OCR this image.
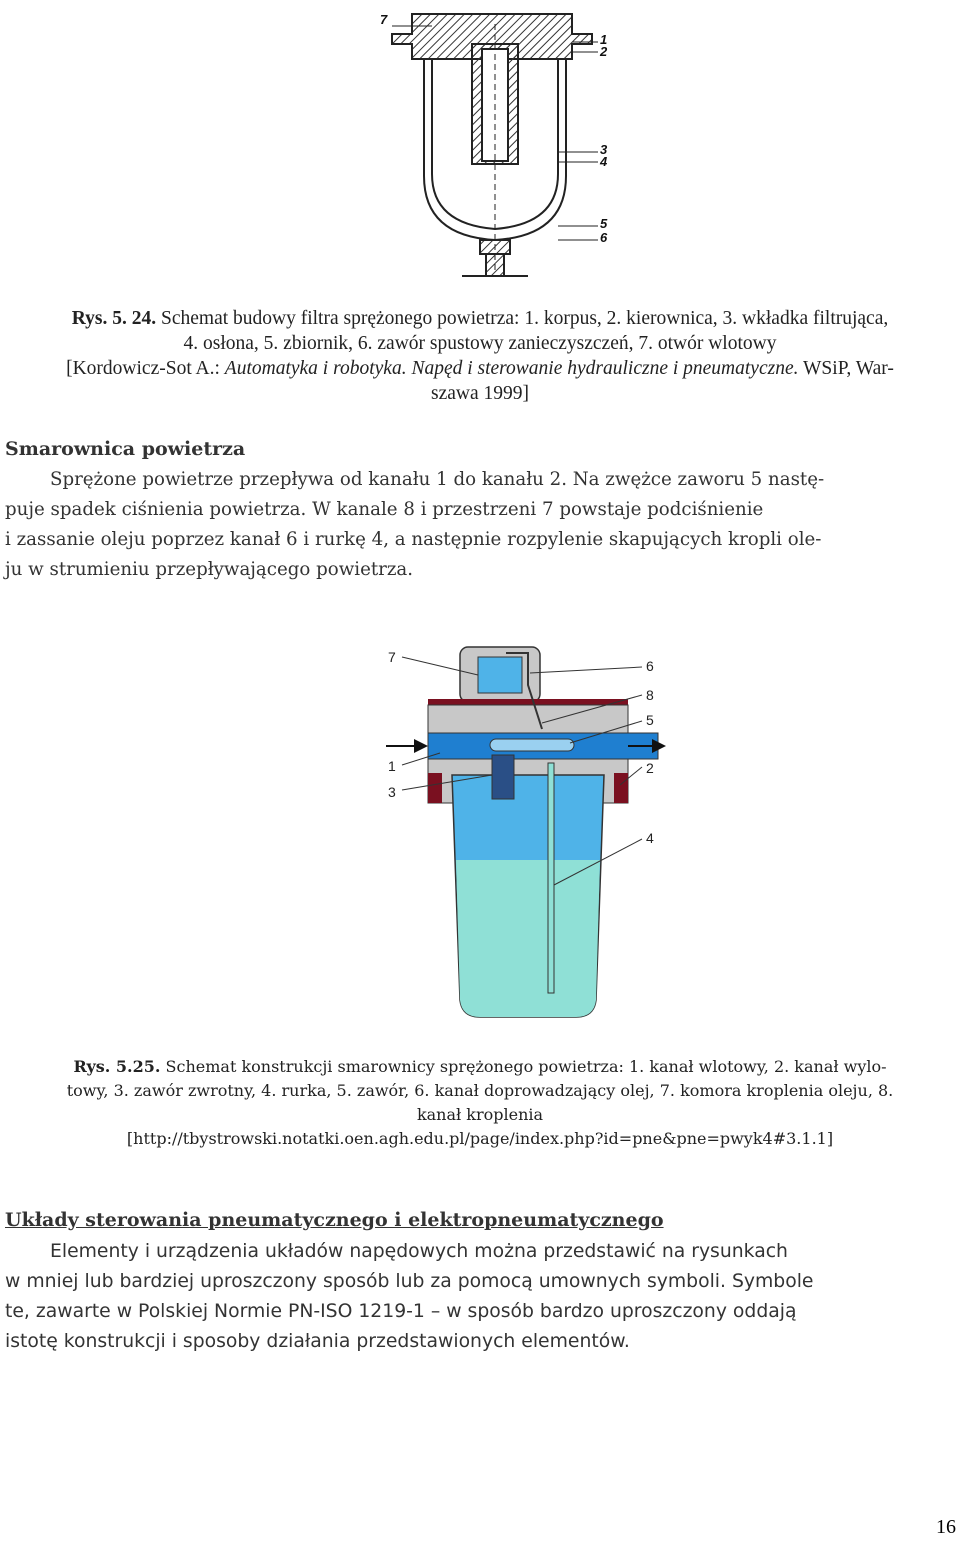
7
1
2
3
4
5
6

Rys. 5. 24. Schemat budowy filtra sprężonego powietrza: 1. korpus, 2. kierownica, 3. wkładka filtrująca,

4. osłona, 5. zbiornik, 6. zawór spustowy zanieczyszczeń, 7. otwór wlotowy

[Kordowicz-Sot A.: Automatyka i robotyka. Napęd i sterowanie hydrauliczne i pneumatyczne. WSiP, War-

szawa 1999]

Smarownica powietrza

Sprężone powietrze przepływa od kanału 1 do kanału 2. Na zwężce zaworu 5 nastę-

puje spadek ciśnienia powietrza. W kanale 8 i przestrzeni 7 powstaje podciśnienie

i zassanie oleju poprzez kanał 6 i rurkę 4, a następnie rozpylenie skapujących kropli ole-

ju w strumieniu przepływającego powietrza.

7
1
3
6
8
5
2
4

Rys. 5.25. Schemat konstrukcji smarownicy sprężonego powietrza: 1. kanał wlotowy, 2. kanał wylo-

towy, 3. zawór zwrotny, 4. rurka, 5. zawór, 6. kanał doprowadzający olej, 7. komora kroplenia oleju, 8.

kanał kroplenia

[http://tbystrowski.notatki.oen.agh.edu.pl/page/index.php?id=pne&pne=pwyk4#3.1.1]

Układy sterowania pneumatycznego i elektropneumatycznego

Elementy i urządzenia układów napędowych można przedstawić na rysunkach

w mniej lub bardziej uproszczony sposób lub za pomocą umownych symboli. Symbole

te, zawarte w Polskiej Normie PN-ISO 1219-1 – w sposób bardzo uproszczony oddają

istotę konstrukcji i sposoby działania przedstawionych elementów.

16
